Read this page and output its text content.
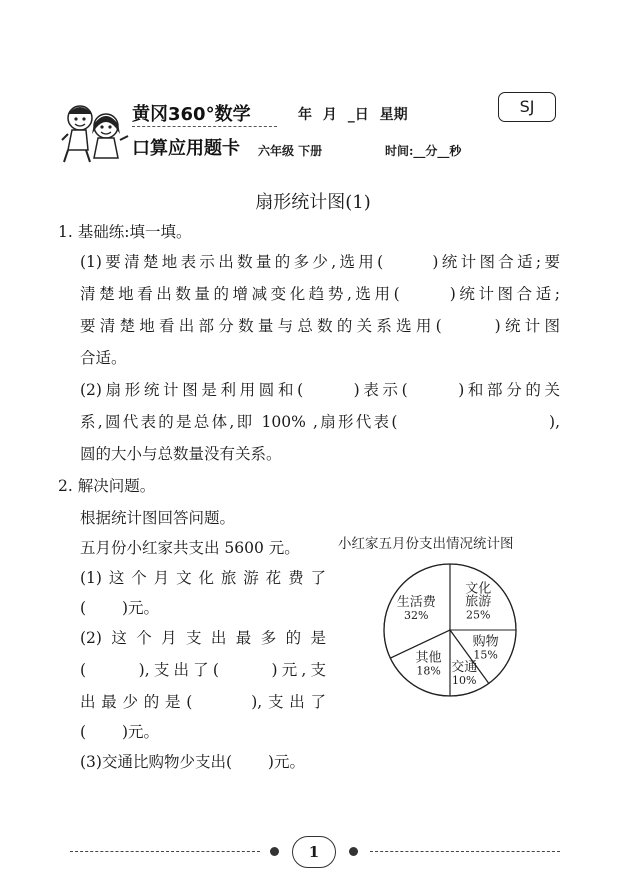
黄冈360°数学
口算应用题卡
年 月 _日 星期	SJ
六年级 下册	时间:__分__秒
扇形统计图(1)
1. 基础练:填一填。
(1)要清楚地表示出数量的多少,选用(　　 )统计图合适;要
清楚地看出数量的增减变化趋势,选用(　　 )统计图合适;
要清楚地看出部分数量与总数的关系选用(　　 )统计图
合适。
(2)扇形统计图是利用圆和(　　 )表示(　　 )和部分的关
系,圆代表的是总体,即 100% ,扇形代表(　　　　　　　　 ),
圆的大小与总数量没有关系。
2. 解决问题。
根据统计图回答问题。
五月份小红家共支出 5600 元。	小红家五月份支出情况统计图
(1)这个月文化旅游花费了
(　　 )元。
(2)这个月支出最多的是
(　　 ),支出了(　　 )元,支
出最少的是(　　 ),支出了
(　　 )元。
(3)交通比购物少支出(　　 )元。
文化
旅游
25%
购物
15%
交通
10%
其他
18%
生活费
32%
1
